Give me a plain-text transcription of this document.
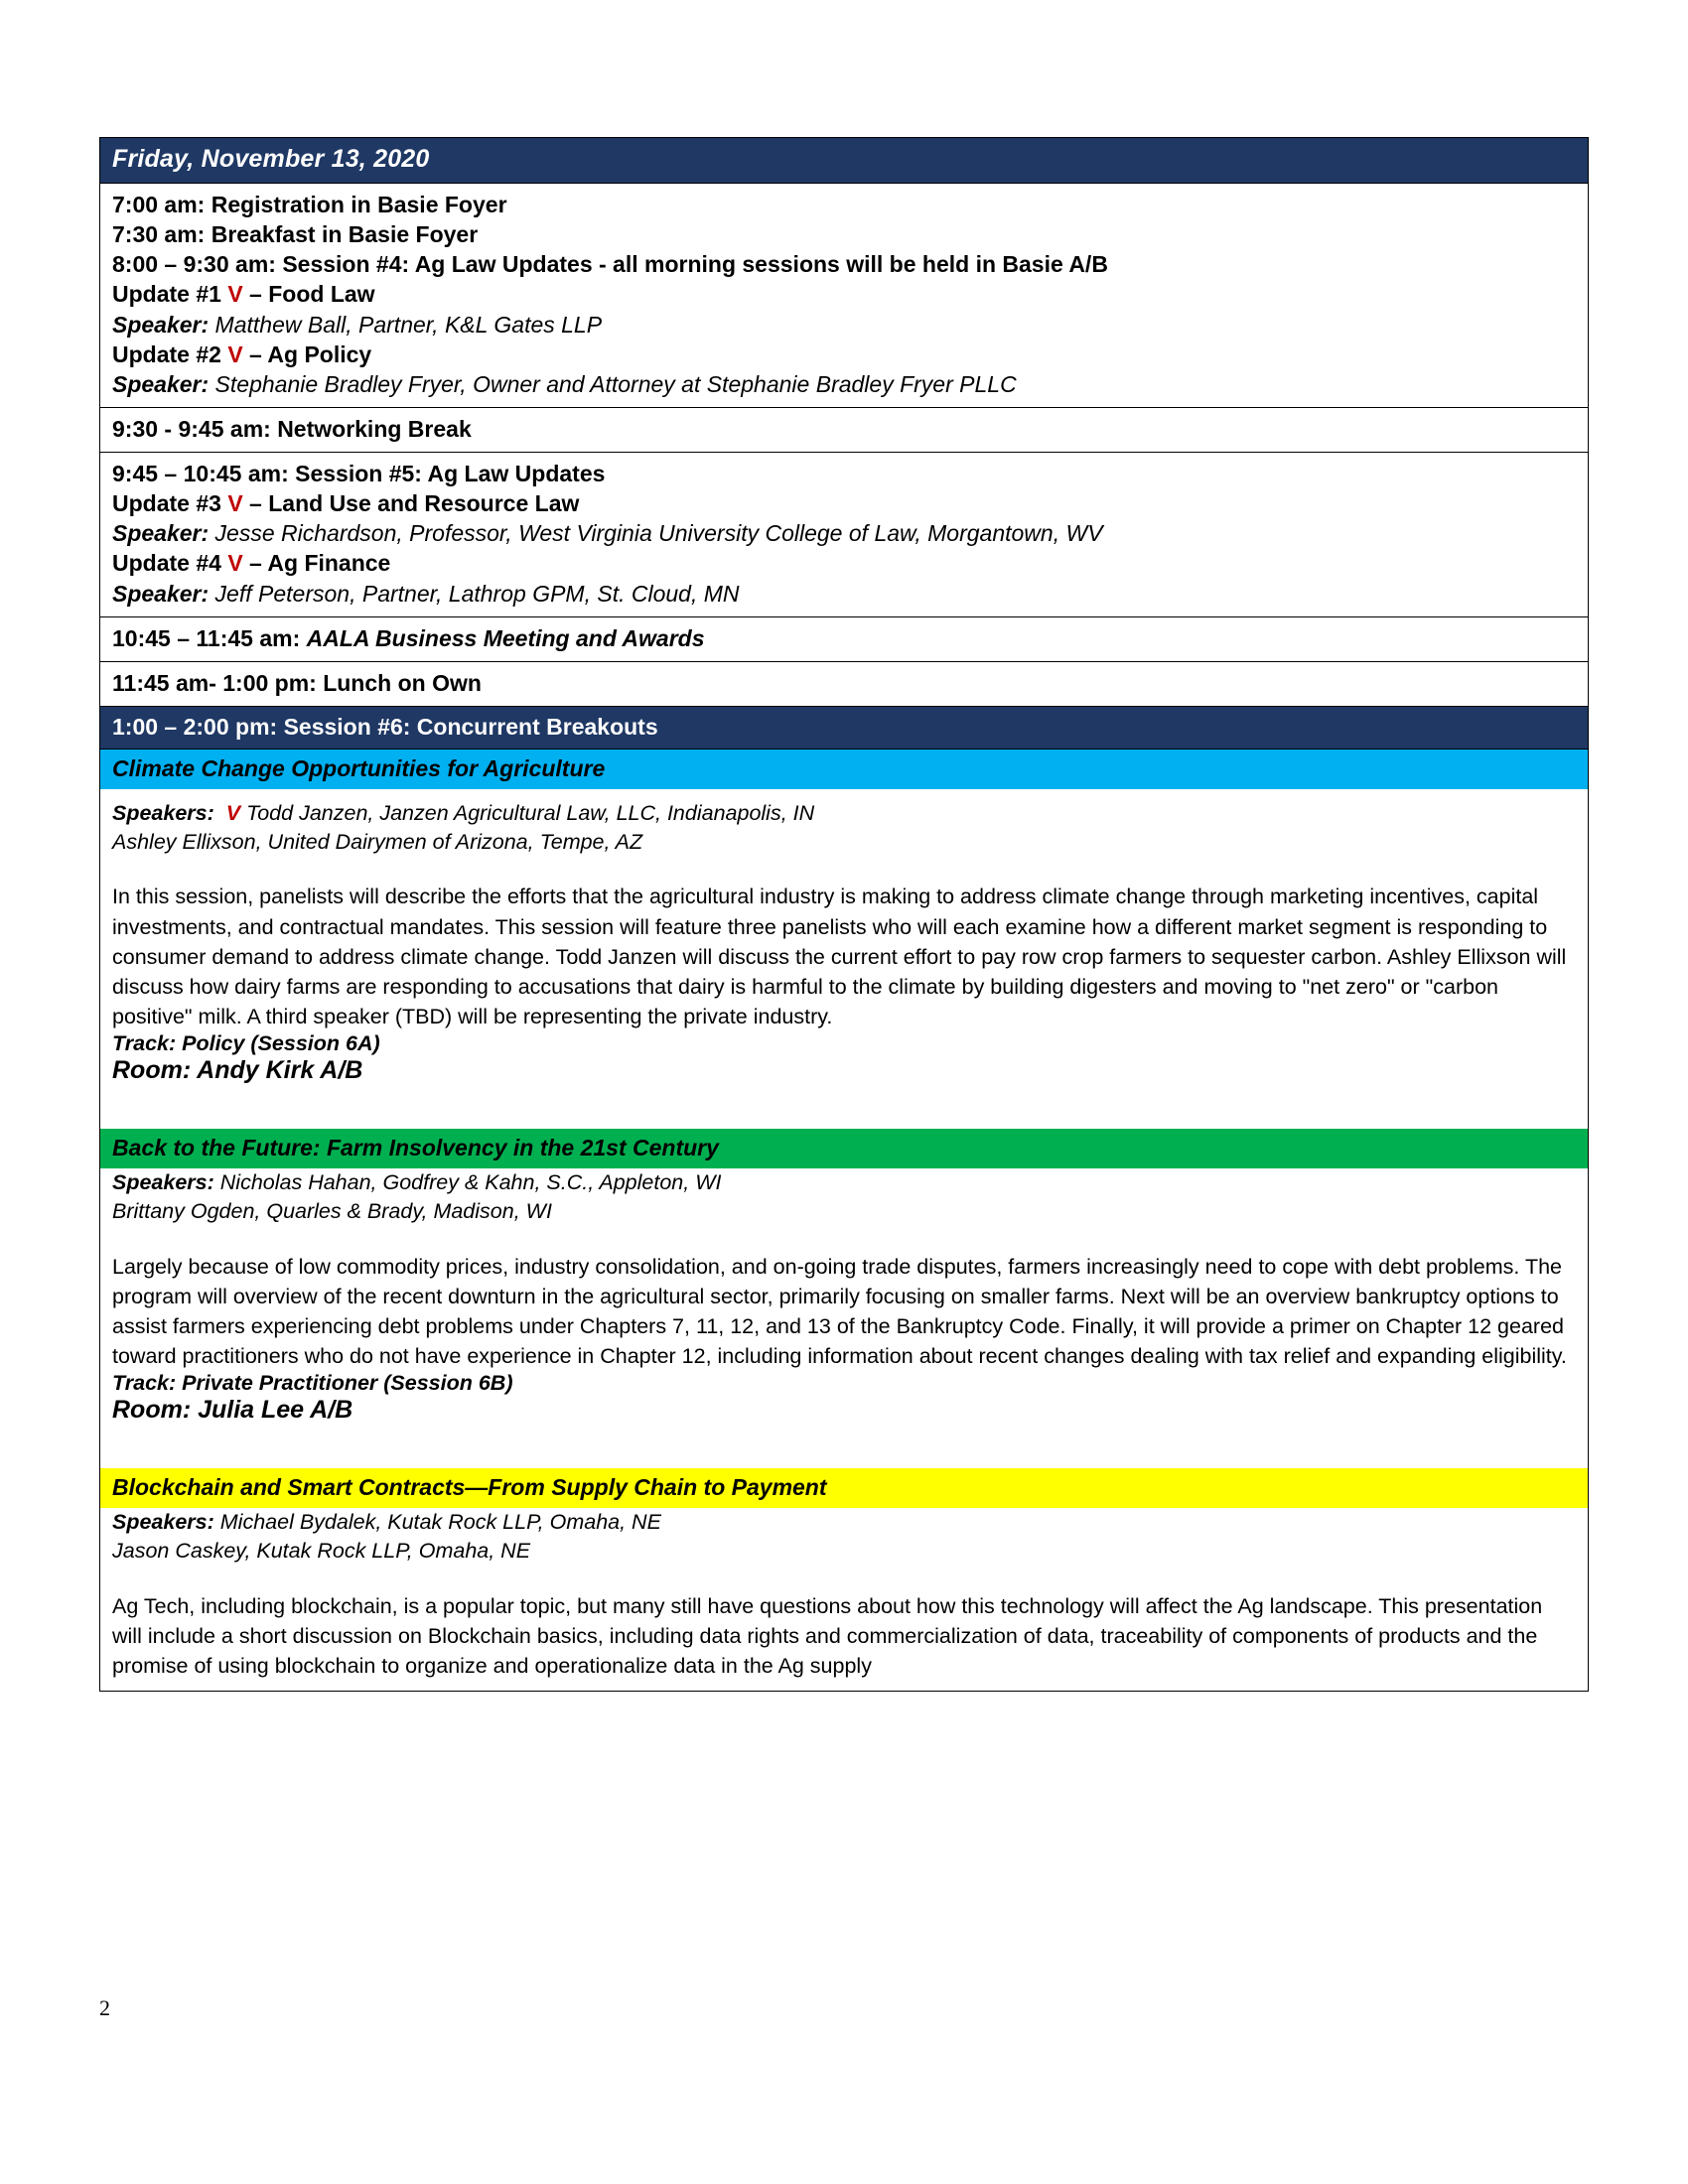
Friday, November 13, 2020

7:00 am: Registration in Basie Foyer
7:30 am: Breakfast in Basie Foyer
8:00 – 9:30 am: Session #4: Ag Law Updates - all morning sessions will be held in Basie A/B
Update #1 V – Food Law
Speaker: Matthew Ball, Partner, K&L Gates LLP
Update #2 V – Ag Policy
Speaker: Stephanie Bradley Fryer, Owner and Attorney at Stephanie Bradley Fryer PLLC

9:30 - 9:45 am: Networking Break

9:45 – 10:45 am: Session #5: Ag Law Updates
Update #3 V – Land Use and Resource Law
Speaker: Jesse Richardson, Professor, West Virginia University College of Law, Morgantown, WV
Update #4 V – Ag Finance
Speaker: Jeff Peterson, Partner, Lathrop GPM, St. Cloud, MN

10:45 – 11:45 am: AALA Business Meeting and Awards

11:45 am- 1:00 pm: Lunch on Own

1:00 – 2:00 pm: Session #6: Concurrent Breakouts

Climate Change Opportunities for Agriculture
Speakers: V Todd Janzen, Janzen Agricultural Law, LLC, Indianapolis, IN
Ashley Ellixson, United Dairymen of Arizona, Tempe, AZ
In this session, panelists will describe the efforts that the agricultural industry is making to address climate change through marketing incentives, capital investments, and contractual mandates. This session will feature three panelists who will each examine how a different market segment is responding to consumer demand to address climate change. Todd Janzen will discuss the current effort to pay row crop farmers to sequester carbon. Ashley Ellixson will discuss how dairy farms are responding to accusations that dairy is harmful to the climate by building digesters and moving to "net zero" or "carbon positive" milk. A third speaker (TBD) will be representing the private industry.
Track: Policy (Session 6A)
Room: Andy Kirk A/B
Back to the Future: Farm Insolvency in the 21st Century
Speakers: Nicholas Hahan, Godfrey & Kahn, S.C., Appleton, WI
Brittany Ogden, Quarles & Brady, Madison, WI
Largely because of low commodity prices, industry consolidation, and on-going trade disputes, farmers increasingly need to cope with debt problems. The program will overview of the recent downturn in the agricultural sector, primarily focusing on smaller farms. Next will be an overview bankruptcy options to assist farmers experiencing debt problems under Chapters 7, 11, 12, and 13 of the Bankruptcy Code. Finally, it will provide a primer on Chapter 12 geared toward practitioners who do not have experience in Chapter 12, including information about recent changes dealing with tax relief and expanding eligibility.
Track: Private Practitioner (Session 6B)
Room: Julia Lee A/B
Blockchain and Smart Contracts—From Supply Chain to Payment
Speakers: Michael Bydalek, Kutak Rock LLP, Omaha, NE
Jason Caskey, Kutak Rock LLP, Omaha, NE
Ag Tech, including blockchain, is a popular topic, but many still have questions about how this technology will affect the Ag landscape. This presentation will include a short discussion on Blockchain basics, including data rights and commercialization of data, traceability of components of products and the promise of using blockchain to organize and operationalize data in the Ag supply
2
